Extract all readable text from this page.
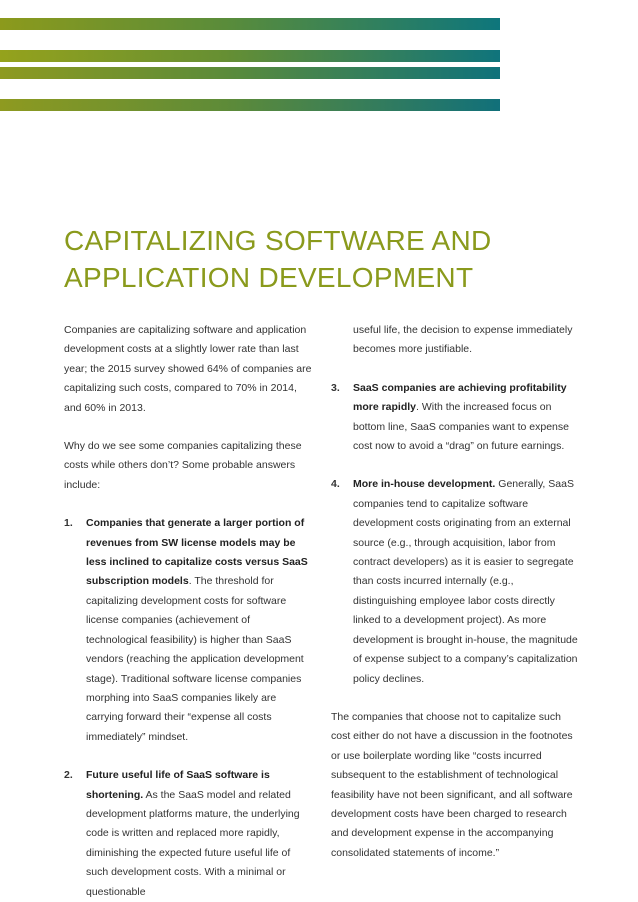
CAPITALIZING SOFTWARE AND
APPLICATION DEVELOPMENT

Companies are capitalizing software and application development costs at a slightly lower rate than last year; the 2015 survey showed 64% of companies are capitalizing such costs, compared to 70% in 2014, and 60% in 2013.

Why do we see some companies capitalizing these costs while others don’t? Some probable answers include:

1.	Companies that generate a larger portion of revenues from SW license models may be less inclined to capitalize costs versus SaaS subscription models. The threshold for capitalizing development costs for software license companies (achievement of technological feasibility) is higher than SaaS vendors (reaching the application development stage). Traditional software license companies morphing into SaaS companies likely are carrying forward their “expense all costs immediately” mindset.

2.	Future useful life of SaaS software is shortening. As the SaaS model and related development platforms mature, the underlying code is written and replaced more rapidly, diminishing the expected future useful life of such development costs. With a minimal or questionable

useful life, the decision to expense immediately becomes more justifiable.

3.	SaaS companies are achieving profitability more rapidly. With the increased focus on bottom line, SaaS companies want to expense cost now to avoid a “drag” on future earnings.

4.	More in-house development. Generally, SaaS companies tend to capitalize software development costs originating from an external source (e.g., through acquisition, labor from contract developers) as it is easier to segregate than costs incurred internally (e.g., distinguishing employee labor costs directly linked to a development project). As more development is brought in-house, the magnitude of expense subject to a company’s capitalization policy declines.

The companies that choose not to capitalize such cost either do not have a discussion in the footnotes or use boilerplate wording like “costs incurred subsequent to the establishment of technological feasibility have not been significant, and all software development costs have been charged to research and development expense in the accompanying consolidated statements of income.”
